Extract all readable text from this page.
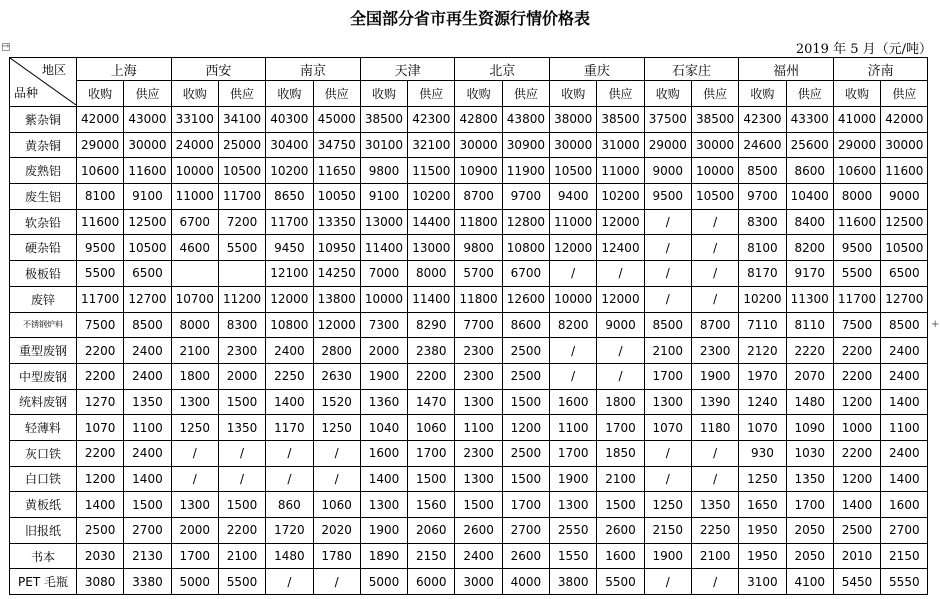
全国部分省市再生资源行情价格表
2019 年 5 月（元/吨）
→
+
地区
品种	上海		西安		南京		天津		北京		重庆		石家庄		福州		济南	
	收购	供应	收购	供应	收购	供应	收购	供应	收购	供应	收购	供应	收购	供应	收购	供应	收购	供应
紫杂铜	42000	43000	33100	34100	40300	45000	38500	42300	42800	43800	38000	38500	37500	38500	42300	43300	41000	42000
黄杂铜	29000	30000	24000	25000	30400	34750	30100	32100	30000	30900	30000	31000	29000	30000	24600	25600	29000	30000
废熟铝	10600	11600	10000	10500	10200	11650	9800	11500	10900	11900	10500	11000	9000	10000	8500	8600	10600	11600
废生铝	8100	9100	11000	11700	8650	10050	9100	10200	8700	9700	9400	10200	9500	10500	9700	10400	8000	9000
软杂铅	11600	12500	6700	7200	11700	13350	13000	14400	11800	12800	11000	12000	/	/	8300	8400	11600	12500
硬杂铅	9500	10500	4600	5500	9450	10950	11400	13000	9800	10800	12000	12400	/	/	8100	8200	9500	10500
极板铅	5500	6500			12100	14250	7000	8000	5700	6700	/	/	/	/	8170	9170	5500	6500
废锌	11700	12700	10700	11200	12000	13800	10000	11400	11800	12600	10000	12000	/	/	10200	11300	11700	12700
不锈钢炉料	7500	8500	8000	8300	10800	12000	7300	8290	7700	8600	8200	9000	8500	8700	7110	8110	7500	8500
重型废钢	2200	2400	2100	2300	2400	2800	2000	2380	2300	2500	/	/	2100	2300	2120	2220	2200	2400
中型废钢	2200	2400	1800	2000	2250	2630	1900	2200	2300	2500	/	/	1700	1900	1970	2070	2200	2400
统料废钢	1270	1350	1300	1500	1400	1520	1360	1470	1300	1500	1600	1800	1300	1390	1240	1480	1200	1400
轻薄料	1070	1100	1250	1350	1170	1250	1040	1060	1100	1200	1100	1700	1070	1180	1070	1090	1000	1100
灰口铁	2200	2400	/	/	/	/	1600	1700	2300	2500	1700	1850	/	/	930	1030	2200	2400
白口铁	1200	1400	/	/	/	/	1400	1500	1300	1500	1900	2100	/	/	1250	1350	1200	1400
黄板纸	1400	1500	1300	1500	860	1060	1300	1560	1500	1700	1300	1500	1250	1350	1650	1700	1400	1600
旧报纸	2500	2700	2000	2200	1720	2020	1900	2060	2600	2700	2550	2600	2150	2250	1950	2050	2500	2700
书本	2030	2130	1700	2100	1480	1780	1890	2150	2400	2600	1550	1600	1900	2100	1950	2050	2010	2150
PET 毛瓶	3080	3380	5000	5500	/	/	5000	6000	3000	4000	3800	5500	/	/	3100	4100	5450	5550
